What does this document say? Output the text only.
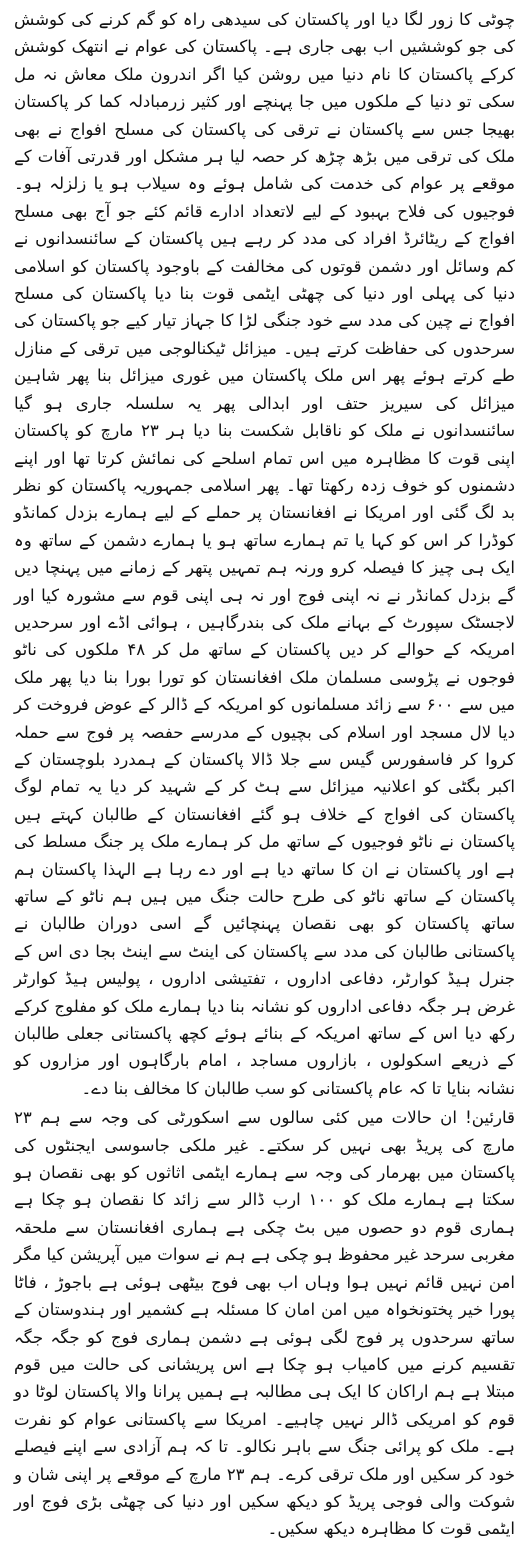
چوٹی کا زور لگا دیا اور پاکستان کی سیدھی راہ کو گم کرنے کی کوشش کی جو کوششیں اب بھی جاری ہے۔ پاکستان کی عوام نے انتھک کوشش کرکے پاکستان کا نام دنیا میں روشن کیا اگر اندرون ملک معاش نہ مل سکی تو دنیا کے ملکوں میں جا پہنچے اور کثیر زرمبادلہ کما کر پاکستان بھیجا جس سے پاکستان نے ترقی کی پاکستان کی مسلح افواج نے بھی ملک کی ترقی میں بڑھ چڑھ کر حصہ لیا ہر مشکل اور قدرتی آفات کے موقعے پر عوام کی خدمت کی شامل ہوئے وہ سیلاب ہو یا زلزلہ ہو۔ فوجیوں کی فلاح بہبود کے لیے لاتعداد ادارے قائم کئے جو آج بھی مسلح افواج کے ریٹائرڈ افراد کی مدد کر رہے ہیں پاکستان کے سائنسدانوں نے کم وسائل اور دشمن قوتوں کی مخالفت کے باوجود پاکستان کو اسلامی دنیا کی پہلی اور دنیا کی چھٹی ایٹمی قوت بنا دیا پاکستان کی مسلح افواج نے چین کی مدد سے خود جنگی لڑا کا جہاز تیار کیے جو پاکستان کی سرحدوں کی حفاظت کرتے ہیں۔ میزائل ٹیکنالوجی میں ترقی کے منازل طے کرتے ہوئے پھر اس ملک پاکستان میں غوری میزائل بنا پھر شاہین میزائل کی سیریز حتف اور ابدالی پھر یہ سلسلہ جاری ہو گیا سائنسدانوں نے ملک کو ناقابل شکست بنا دیا ہر ۲۳ مارچ کو پاکستان اپنی قوت کا مظاہرہ میں اس تمام اسلحے کی نمائش کرتا تھا اور اپنے دشمنوں کو خوف زدہ رکھتا تھا۔ پھر اسلامی جمہوریہ پاکستان کو نظر بد لگ گئی اور امریکا نے افغانستان پر حملے کے لیے ہمارے بزدل کمانڈو کوڈرا کر اس کو کہا یا تم ہمارے ساتھ ہو یا ہمارے دشمن کے ساتھ وہ ایک ہی چیز کا فیصلہ کرو ورنہ ہم تمہیں پتھر کے زمانے میں پہنچا دیں گے بزدل کمانڈر نے نہ اپنی فوج اور نہ ہی اپنی قوم سے مشورہ کیا اور لاجسٹک سپورٹ کے بہانے ملک کی بندرگاہیں ، ہوائی اڈے اور سرحدیں امریکہ کے حوالے کر دیں پاکستان کے ساتھ مل کر ۴۸ ملکوں کی ناٹو فوجوں نے پڑوسی مسلمان ملک افغانستان کو تورا بورا بنا دیا پھر ملک میں سے ۶۰۰ سے زائد مسلمانوں کو امریکہ کے ڈالر کے عوض فروخت کر دیا لال مسجد اور اسلام کی بچیوں کے مدرسے حفصہ پر فوج سے حملہ کروا کر فاسفورس گیس سے جلا ڈالا پاکستان کے ہمدرد بلوچستان کے اکبر بگٹی کو اعلانیہ میزائل سے ہٹ کر کے شہید کر دیا یہ تمام لوگ پاکستان کی افواج کے خلاف ہو گئے افغانستان کے طالبان کہتے ہیں پاکستان نے ناٹو فوجیوں کے ساتھ مل کر ہمارے ملک پر جنگ مسلط کی ہے اور پاکستان نے ان کا ساتھ دیا ہے اور دے رہا ہے الہذا پاکستان ہم پاکستان کے ساتھ ناٹو کی طرح حالت جنگ میں ہیں ہم ناٹو کے ساتھ ساتھ پاکستان کو بھی نقصان پہنچائیں گے اسی دوران طالبان نے پاکستانی طالبان کی مدد سے پاکستان کی اینٹ سے اینٹ بجا دی اس کے جنرل ہیڈ کوارٹر، دفاعی اداروں ، تفتیشی اداروں ، پولیس ہیڈ کوارٹر غرض ہر جگہ دفاعی اداروں کو نشانہ بنا دیا ہمارے ملک کو مفلوج کرکے رکھ دیا اس کے ساتھ امریکہ کے بنائے ہوئے کچھ پاکستانی جعلی طالبان کے ذریعے اسکولوں ، بازاروں مساجد ، امام بارگاہوں اور مزاروں کو نشانہ بنایا تا کہ عام پاکستانی کو سب طالبان کا مخالف بنا دے۔

قارئین! ان حالات میں کئی سالوں سے اسکورٹی کی وجہ سے ہم ۲۳ مارچ کی پریڈ بھی نہیں کر سکتے۔ غیر ملکی جاسوسی ایجنٹوں کی پاکستان میں بھرمار کی وجہ سے ہمارے ایٹمی اثاثوں کو بھی نقصان ہو سکتا ہے ہمارے ملک کو ۱۰۰ ارب ڈالر سے زائد کا نقصان ہو چکا ہے ہماری قوم دو حصوں میں بٹ چکی ہے ہماری افغانستان سے ملحقہ مغربی سرحد غیر محفوظ ہو چکی ہے ہم نے سوات میں آپریشن کیا مگر امن نہیں قائم نہیں ہوا وہاں اب بھی فوج بیٹھی ہوئی ہے باجوڑ ، فاٹا پورا خیر پختونخواہ میں امن امان کا مسئلہ ہے کشمیر اور ہندوستان کے ساتھ سرحدوں پر فوج لگی ہوئی ہے دشمن ہماری فوج کو جگہ جگہ تقسیم کرنے میں کامیاب ہو چکا ہے اس پریشانی کی حالت میں قوم مبتلا ہے ہم اراکان کا ایک ہی مطالبہ ہے ہمیں پرانا والا پاکستان لوٹا دو قوم کو امریکی ڈالر نہیں چاہیے۔ امریکا سے پاکستانی عوام کو نفرت ہے۔ ملک کو پرائی جنگ سے باہر نکالو۔ تا کہ ہم آزادی سے اپنے فیصلے خود کر سکیں اور ملک ترقی کرے۔ ہم ۲۳ مارچ کے موقعے پر اپنی شان و شوکت والی فوجی پریڈ کو دیکھ سکیں اور دنیا کی چھٹی بڑی فوج اور ایٹمی قوت کا مظاہرہ دیکھ سکیں۔
